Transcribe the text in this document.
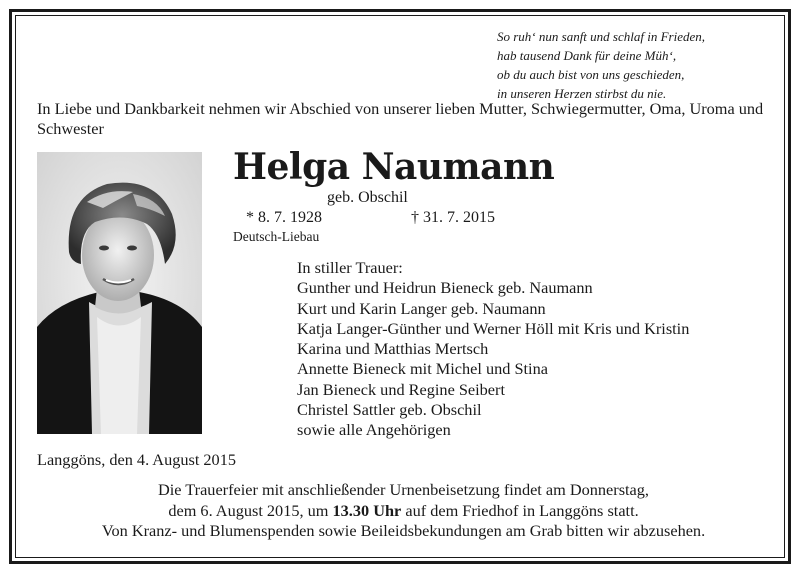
So ruh‘ nun sanft und schlaf in Frieden,
hab tausend Dank für deine Müh‘,
ob du auch bist von uns geschieden,
in unseren Herzen stirbst du nie.
In Liebe und Dankbarkeit nehmen wir Abschied von unserer lieben Mutter, Schwiegermutter, Oma, Uroma und Schwester
Helga Naumann
geb. Obschil
* 8. 7. 1928	† 31. 7. 2015
Deutsch-Liebau
In stiller Trauer:
Gunther und Heidrun Bieneck geb. Naumann
Kurt und Karin Langer geb. Naumann
Katja Langer-Günther und Werner Höll mit Kris und Kristin
Karina und Matthias Mertsch
Annette Bieneck mit Michel und Stina
Jan Bieneck und Regine Seibert
Christel Sattler geb. Obschil
sowie alle Angehörigen
Langgöns, den 4. August 2015
Die Trauerfeier mit anschließender Urnenbeisetzung findet am Donnerstag,
dem 6. August 2015, um 13.30 Uhr auf dem Friedhof in Langgöns statt.
Von Kranz- und Blumenspenden sowie Beileidsbekundungen am Grab bitten wir abzusehen.
